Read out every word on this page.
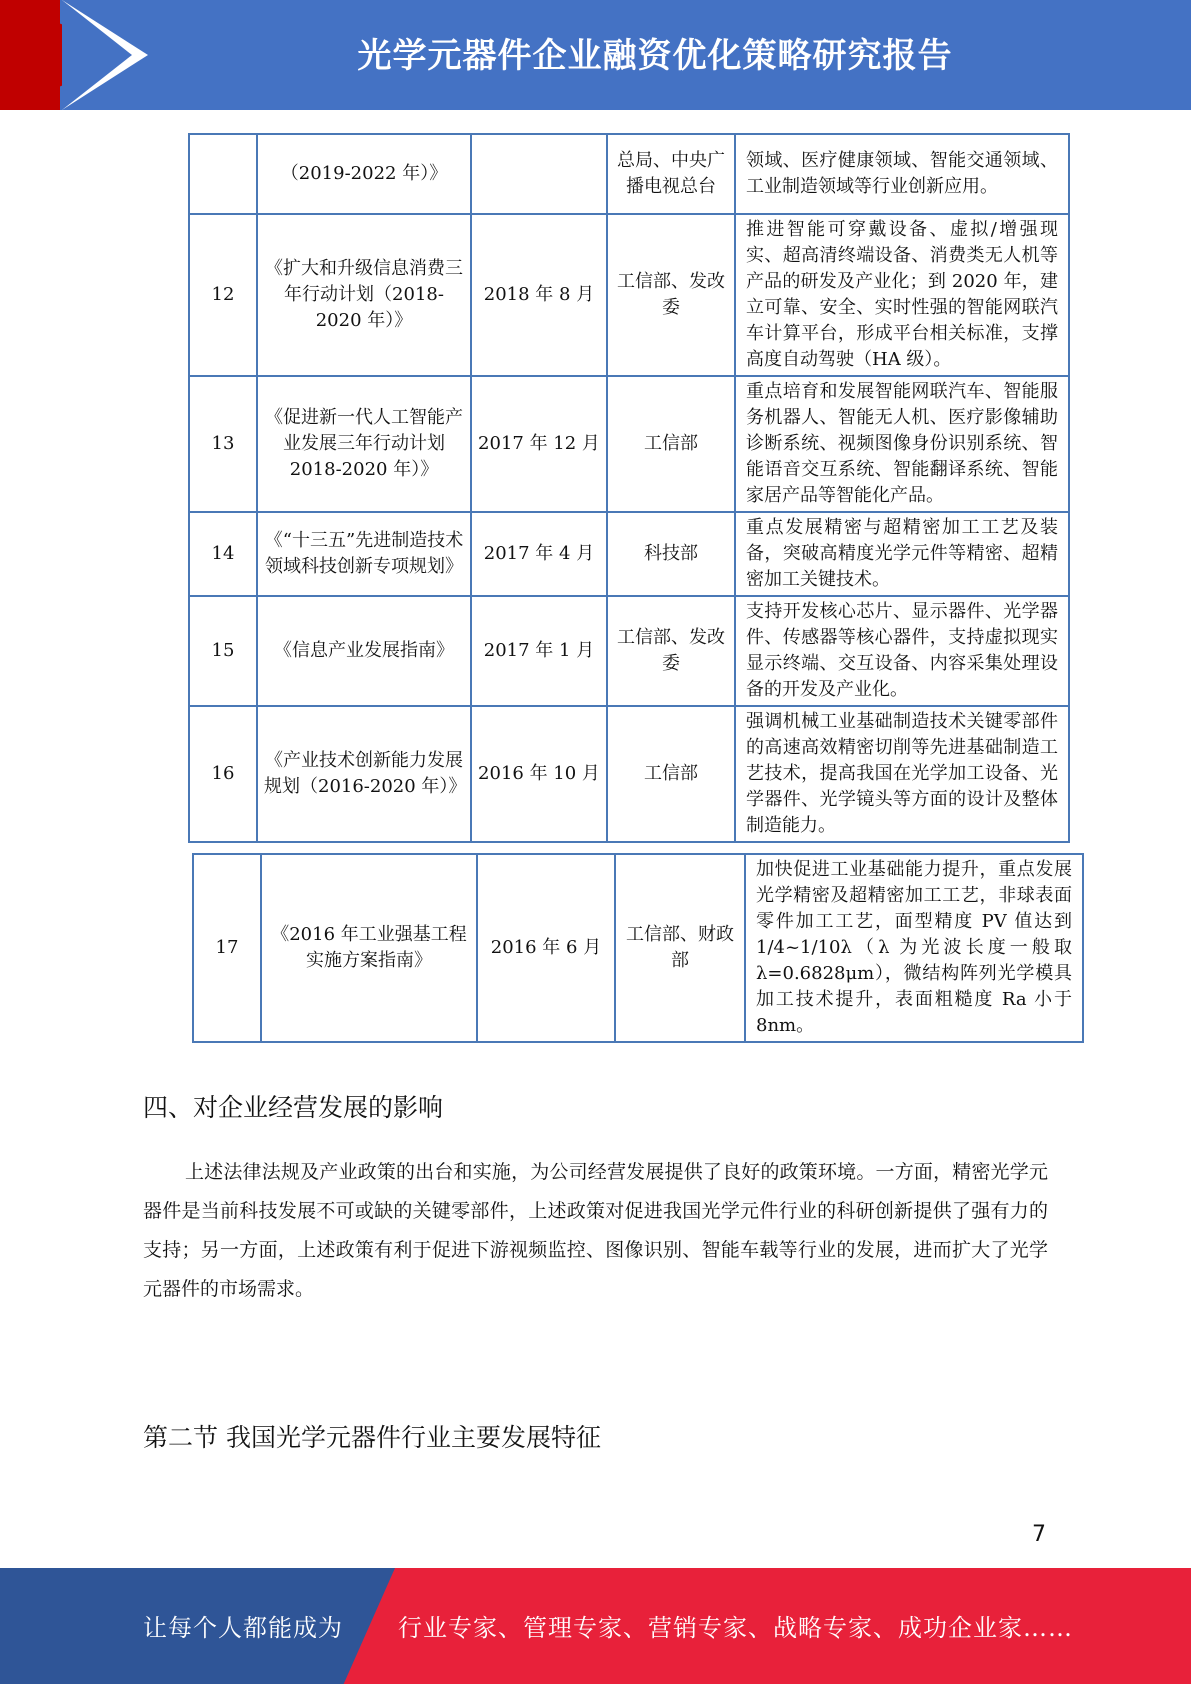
光学元器件企业融资优化策略研究报告
	（2019-2022 年）》		总局、中央广播电视总台	领域、医疗健康领域、智能交通领域、工业制造领域等行业创新应用。
12	《扩大和升级信息消费三年行动计划（2018-2020 年）》	2018 年 8 月	工信部、发改委	推进智能可穿戴设备、虚拟/增强现实、超高清终端设备、消费类无人机等产品的研发及产业化；到 2020 年，建立可靠、安全、实时性强的智能网联汽车计算平台，形成平台相关标准，支撑高度自动驾驶（HA 级）。
13	《促进新一代人工智能产业发展三年行动计划 2018-2020 年）》	2017 年 12 月	工信部	重点培育和发展智能网联汽车、智能服务机器人、智能无人机、医疗影像辅助诊断系统、视频图像身份识别系统、智能语音交互系统、智能翻译系统、智能家居产品等智能化产品。
14	《“十三五”先进制造技术领域科技创新专项规划》	2017 年 4 月	科技部	重点发展精密与超精密加工工艺及装备，突破高精度光学元件等精密、超精密加工关键技术。
15	《信息产业发展指南》	2017 年 1 月	工信部、发改委	支持开发核心芯片、显示器件、光学器件、传感器等核心器件，支持虚拟现实显示终端、交互设备、内容采集处理设备的开发及产业化。
16	《产业技术创新能力发展规划（2016-2020 年）》	2016 年 10 月	工信部	强调机械工业基础制造技术关键零部件的高速高效精密切削等先进基础制造工艺技术，提高我国在光学加工设备、光学器件、光学镜头等方面的设计及整体制造能力。
17	《2016 年工业强基工程实施方案指南》	2016 年 6 月	工信部、财政部	加快促进工业基础能力提升，重点发展光学精密及超精密加工工艺，非球表面零件加工工艺，面型精度 PV 值达到 1/4~1/10λ（λ 为光波长度一般取 λ=0.6828μm），微结构阵列光学模具加工技术提升，表面粗糙度 Ra 小于 8nm。
四、对企业经营发展的影响
上述法律法规及产业政策的出台和实施，为公司经营发展提供了良好的政策环境。一方面，精密光学元器件是当前科技发展不可或缺的关键零部件，上述政策对促进我国光学元件行业的科研创新提供了强有力的支持；另一方面，上述政策有利于促进下游视频监控、图像识别、智能车载等行业的发展，进而扩大了光学元器件的市场需求。
第二节 我国光学元器件行业主要发展特征
7
让每个人都能成为 行业专家、管理专家、营销专家、战略专家、成功企业家……
